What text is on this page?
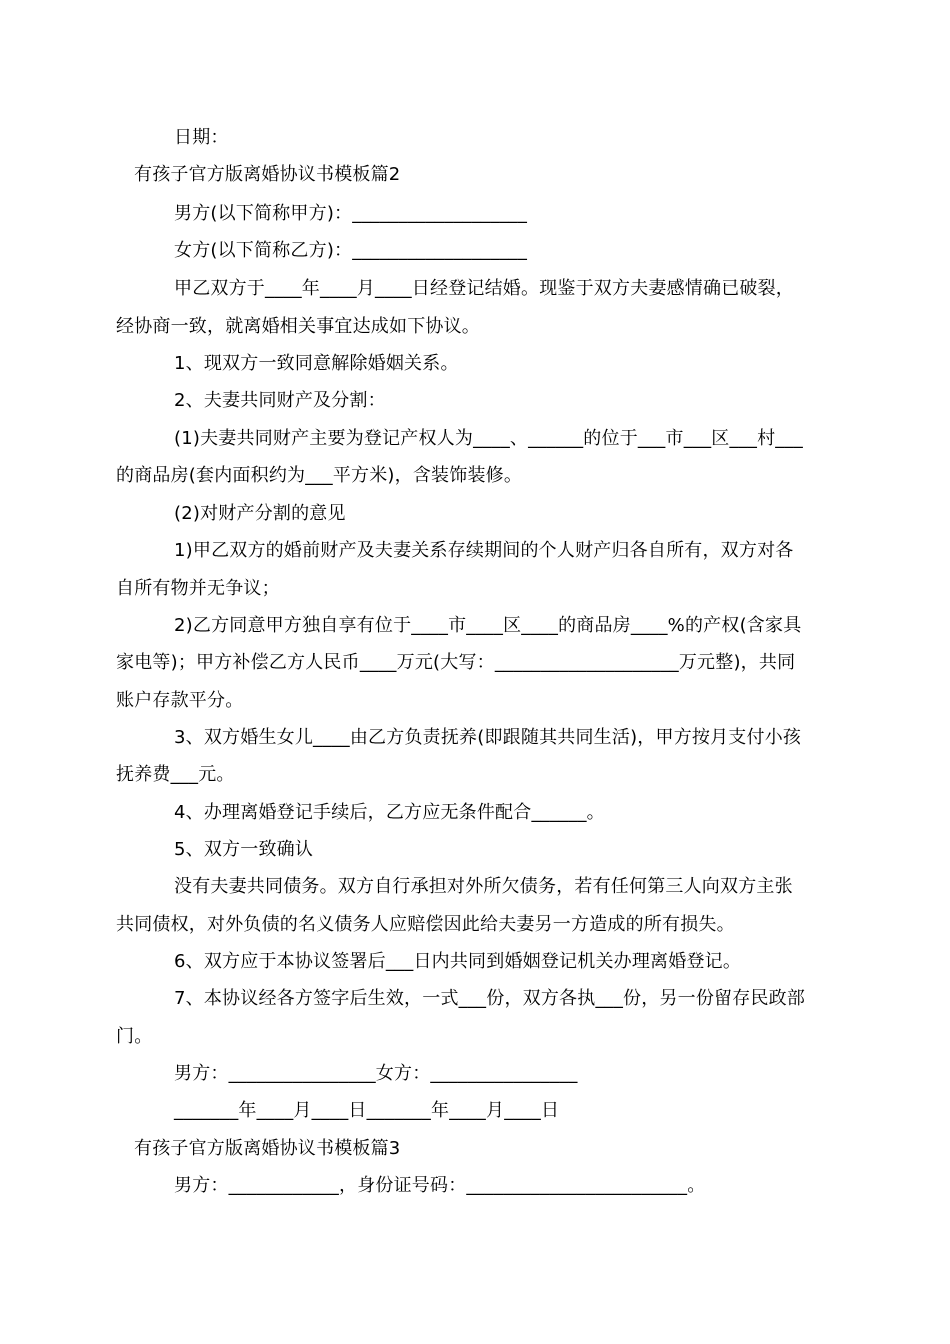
日期：
有孩子官方版离婚协议书模板篇2
男方(以下简称甲方)：___________________
女方(以下简称乙方)：___________________
甲乙双方于____年____月____日经登记结婚。现鉴于双方夫妻感情确已破裂，
经协商一致，就离婚相关事宜达成如下协议。
1、现双方一致同意解除婚姻关系。
2、夫妻共同财产及分割：
(1)夫妻共同财产主要为登记产权人为____、______的位于___市___区___村___
的商品房(套内面积约为___平方米)，含装饰装修。
(2)对财产分割的意见
1)甲乙双方的婚前财产及夫妻关系存续期间的个人财产归各自所有，双方对各
自所有物并无争议；
2)乙方同意甲方独自享有位于____市____区____的商品房____%的产权(含家具
家电等)；甲方补偿乙方人民币____万元(大写：____________________万元整)，共同
账户存款平分。
3、双方婚生女儿____由乙方负责抚养(即跟随其共同生活)，甲方按月支付小孩
抚养费___元。
4、办理离婚登记手续后，乙方应无条件配合______。
5、双方一致确认
没有夫妻共同债务。双方自行承担对外所欠债务，若有任何第三人向双方主张
共同债权，对外负债的名义债务人应赔偿因此给夫妻另一方造成的所有损失。
6、双方应于本协议签署后___日内共同到婚姻登记机关办理离婚登记。
7、本协议经各方签字后生效，一式___份，双方各执___份，另一份留存民政部
门。
男方：________________女方：________________
_______年____月____日_______年____月____日
有孩子官方版离婚协议书模板篇3
男方：____________，身份证号码：________________________。
